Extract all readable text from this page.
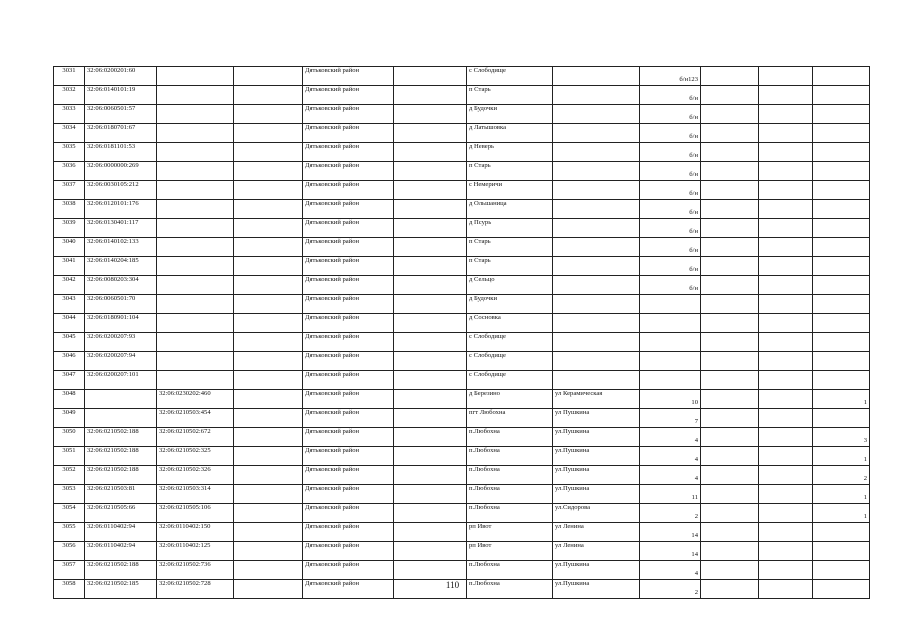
3031	32:06:0200201:60			Дятьковский район		с Слободище		б/н123			
3032	32:06:0140101:19			Дятьковский район		п Старь		б/н			
3033	32:06:0060501:57			Дятьковский район		д Будочки		б/н			
3034	32:06:0180701:67			Дятьковский район		д Латышовка		б/н			
3035	32:06:0181101:53			Дятьковский район		д Неверь		б/н			
3036	32:06:0000000:269			Дятьковский район		п Старь		б/н			
3037	32:06:0030105:212			Дятьковский район		с Немеричи		б/н			
3038	32:06:0120101:176			Дятьковский район		д Ольшаница		б/н			
3039	32:06:0130401:117			Дятьковский район		д Псурь		б/н			
3040	32:06:0140102:133			Дятьковский район		п Старь		б/н			
3041	32:06:0140204:185			Дятьковский район		п Старь		б/н			
3042	32:06:0080203:304			Дятьковский район		д Сельцо		б/н			
3043	32:06:0060501:70			Дятьковский район		д Будочки					
3044	32:06:0180901:104			Дятьковский район		д Сосновка					
3045	32:06:0200207:93			Дятьковский район		с Слободище					
3046	32:06:0200207:94			Дятьковский район		с Слободище					
3047	32:06:0200207:101			Дятьковский район		с Слободище					
3048		32:06:0230202:460		Дятьковский район		д Березино	ул Керамическая	10			1
3049		32:06:0210503:454		Дятьковский район		пгт Любохна	ул Пушкина	7			
3050	32:06:0210502:188	32:06:0210502:672		Дятьковский район		п.Любохна	ул.Пушкина	4			3
3051	32:06:0210502:188	32:06:0210502:325		Дятьковский район		п.Любохна	ул.Пушкина	4			1
3052	32:06:0210502:188	32:06:0210502:326		Дятьковский район		п.Любохна	ул.Пушкина	4			2
3053	32:06:0210503:81	32:06:0210503:314		Дятьковский район		п.Любохна	ул.Пушкина	11			1
3054	32:06:0210505:66	32:06:0210505:106		Дятьковский район		п.Любохна	ул.Сидорова	2			1
3055	32:06:0110402:94	32:06:0110402:150		Дятьковский район		рп Ивот	ул Ленина	14			
3056	32:06:0110402:94	32:06:0110402:125		Дятьковский район		рп Ивот	ул Ленина	14			
3057	32:06:0210502:188	32:06:0210502:736		Дятьковский район		п.Любохна	ул.Пушкина	4			
3058	32:06:0210502:185	32:06:0210502:728		Дятьковский район		п.Любохна	ул.Пушкина	2			
110
